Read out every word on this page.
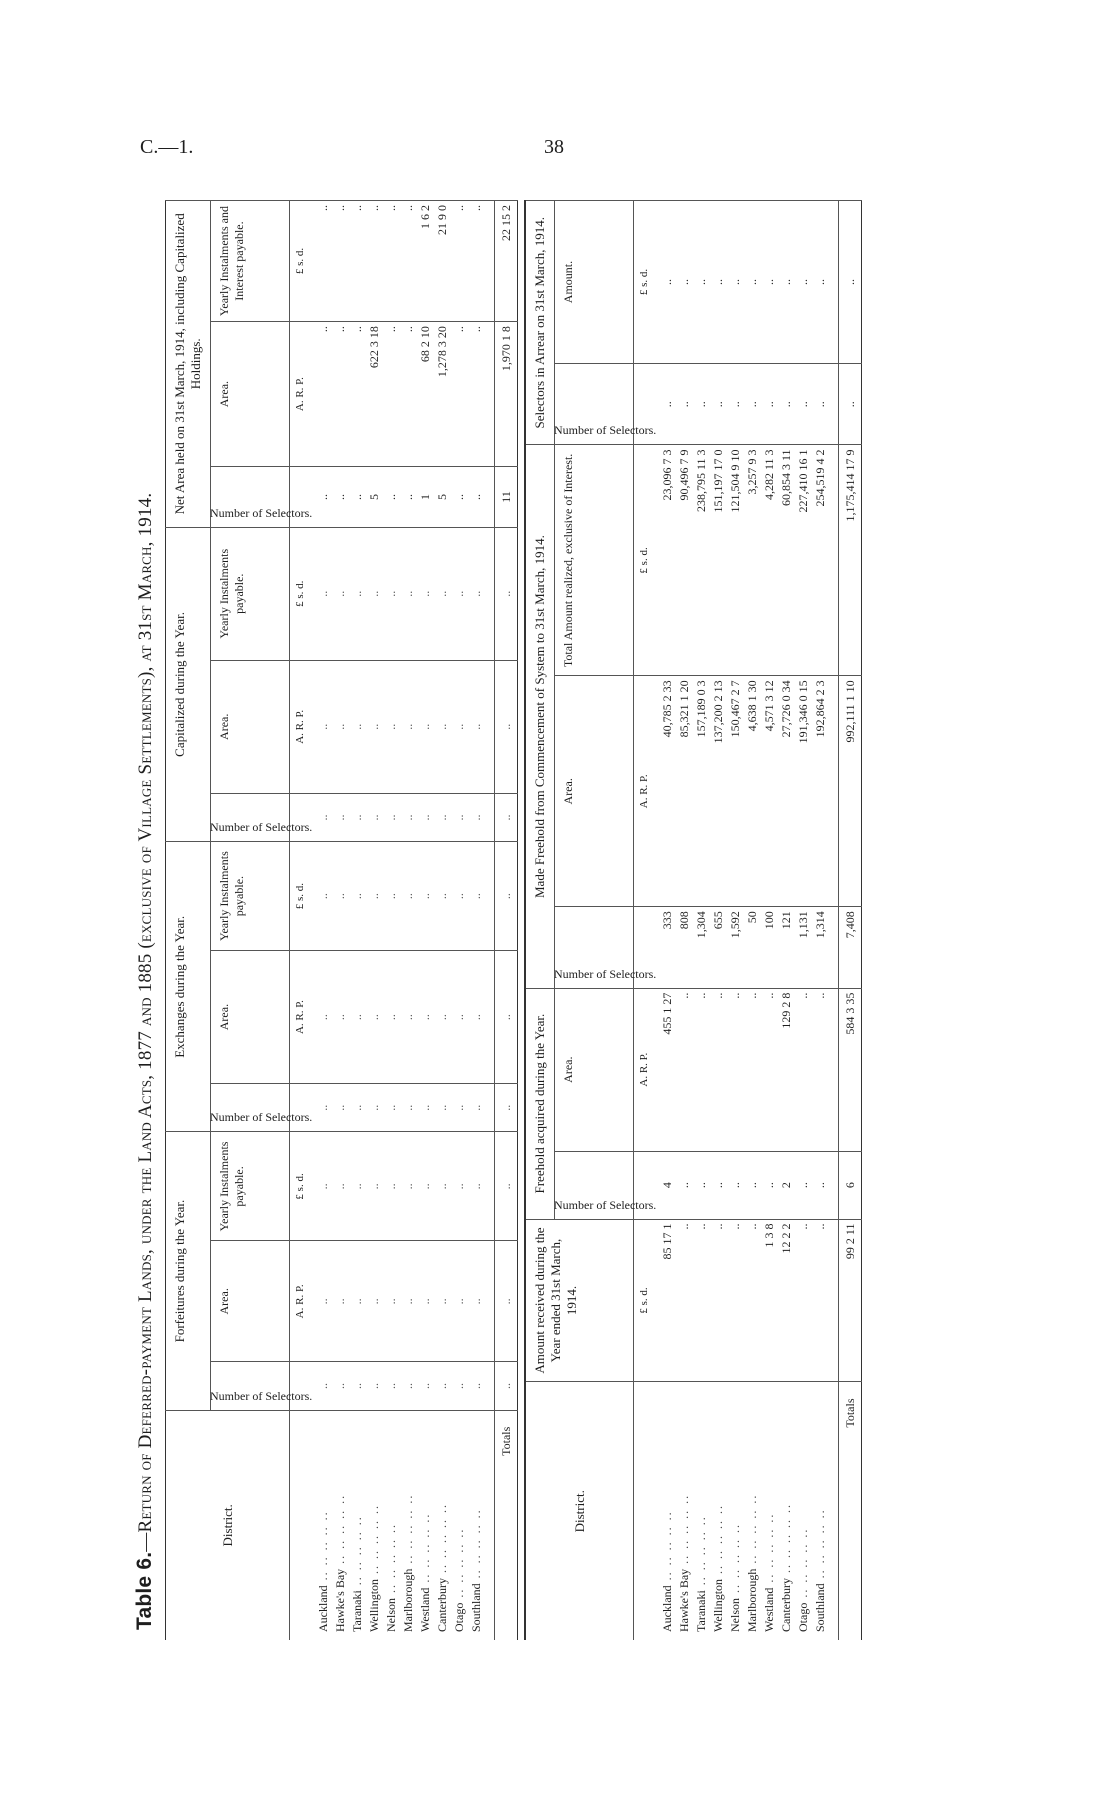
C.—1.	38
Table 6.—Return of Deferred-payment Lands, under the Land Acts, 1877 and 1885 (exclusive of Village Settlements), at 31st March, 1914.	District.	Forfeitures during the Year.			Exchanges during the Year.			Capitalized during the Year.			Net Area held on 31st March, 1914, including Capitalized Holdings.		

	Number of Selectors.	Area.	Yearly Instalments payable.	Number of Selectors.	Area.	Yearly Instalments payable.	Number of Selectors.	Area.	Yearly Instalments payable.	Number of Selectors.	Area.	Yearly Instalments and Interest payable.
		A. R. P.	£ s. d.		A. R. P.	£ s. d.		A. R. P.	£ s. d.		A. R. P.	£ s. d.
Auckland .. .. .. .. ..	..	..	..	..	..	..	..	..	..	..	..	..
Hawke's Bay .. .. .. .. ..	..	..	..	..	..	..	..	..	..	..	..	..
Taranaki .. .. .. .. ..	..	..	..	..	..	..	..	..	..	..	..	..
Wellington .. .. .. .. ..	..	..	..	..	..	..	..	..	..	5	622 3 18	..
Nelson .. .. .. .. ..	..	..	..	..	..	..	..	..	..	..	..	..
Marlborough .. .. .. .. ..	..	..	..	..	..	..	..	..	..	..	..	..
Westland .. .. .. .. ..	..	..	..	..	..	..	..	..	..	1	68 2 10	1 6 2
Canterbury .. .. .. .. ..	..	..	..	..	..	..	..	..	..	5	1,278 3 20	21 9 0
Otago .. .. .. .. ..	..	..	..	..	..	..	..	..	..	..	..	..
Southland .. .. .. .. ..	..	..	..	..	..	..	..	..	..	..	..	..
Totals	..	..	..	..	..	..	..	..	..	11	1,970 1 8	22 15 2
District.	Amount received during the Year ended 31st March, 1914.	Freehold acquired during the Year.		Made Freehold from Commencement of System to 31st March, 1914.			Selectors in Arrear on 31st March, 1914.	

		Number of Selectors.	Area.	Number of Selectors.	Area.	Total Amount realized, exclusive of Interest.	Number of Selectors.	Amount.
	£ s. d.		A. R. P.		A. R. P.	£ s. d.		£ s. d.
Auckland .. .. .. .. ..	85 17 1	4	455 1 27	333	40,785 2 33	23,096 7 3	..	..
Hawke's Bay .. .. .. .. ..	..	..	..	808	85,321 1 20	90,496 7 9	..	..
Taranaki .. .. .. .. ..	..	..	..	1,304	157,189 0 3	238,795 11 3	..	..
Wellington .. .. .. .. ..	..	..	..	655	137,200 2 13	151,197 17 0	..	..
Nelson .. .. .. .. ..	..	..	..	1,592	150,467 2 7	121,504 9 10	..	..
Marlborough .. .. .. .. ..	..	..	..	50	4,638 1 30	3,257 9 3	..	..
Westland .. .. .. .. ..	1 3 8	..	..	100	4,571 3 12	4,282 11 3	..	..
Canterbury .. .. .. .. ..	12 2 2	2	129 2 8	121	27,726 0 34	60,854 3 11	..	..
Otago .. .. .. .. ..	..	..	..	1,131	191,346 0 15	227,410 16 1	..	..
Southland .. .. .. .. ..	..	..	..	1,314	192,864 2 3	254,519 4 2	..	..
Totals	99 2 11	6	584 3 35	7,408	992,111 1 10	1,175,414 17 9	..	..
